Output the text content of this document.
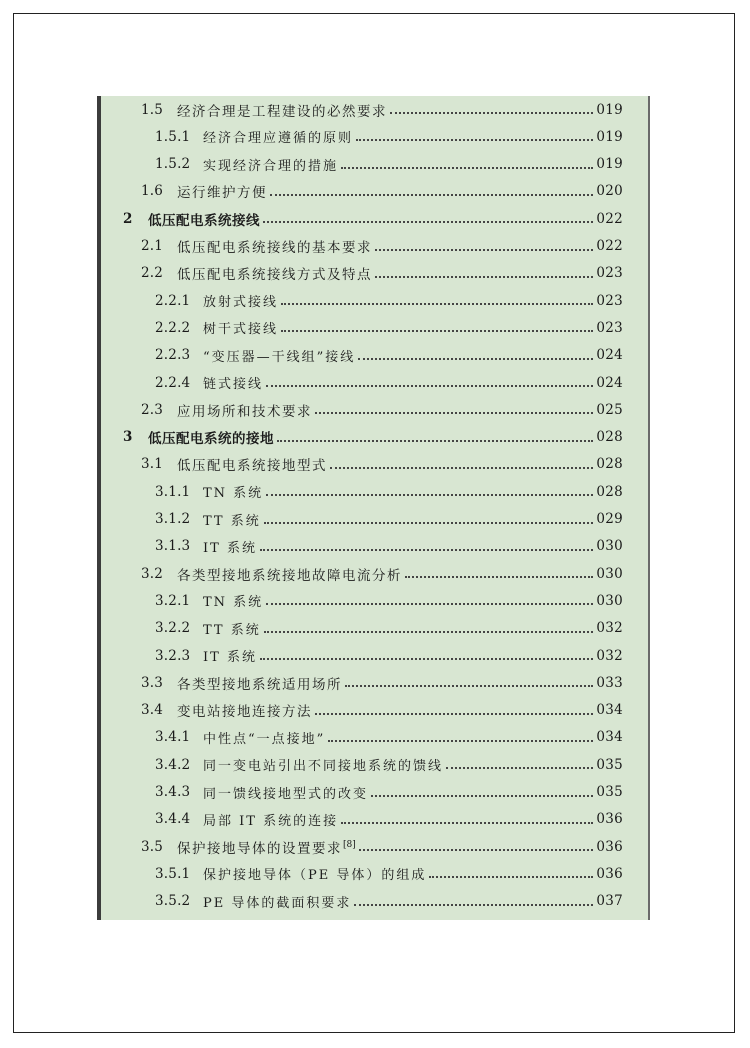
1.5	经济合理是工程建设的必然要求	019
1.5.1 经济合理应遵循的原则	019
1.5.2 实现经济合理的措施	019
1.6	运行维护方便	020
2	低压配电系统接线	022
2.1	低压配电系统接线的基本要求	022
2.2	低压配电系统接线方式及特点	023
2.2.1 放射式接线	023
2.2.2 树干式接线	023
2.2.3 “变压器—干线组”接线	024
2.2.4 链式接线	024
2.3	应用场所和技术要求	025
3	低压配电系统的接地	028
3.1	低压配电系统接地型式	028
3.1.1 TN 系统	028
3.1.2 TT 系统	029
3.1.3 IT 系统	030
3.2	各类型接地系统接地故障电流分析	030
3.2.1 TN 系统	030
3.2.2 TT 系统	032
3.2.3 IT 系统	032
3.3	各类型接地系统适用场所	033
3.4	变电站接地连接方法	034
3.4.1 中性点“一点接地”	034
3.4.2 同一变电站引出不同接地系统的馈线	035
3.4.3 同一馈线接地型式的改变	035
3.4.4 局部 IT 系统的连接	036
3.5	保护接地导体的设置要求[8]	036
3.5.1 保护接地导体（PE 导体）的组成	036
3.5.2 PE 导体的截面积要求	037
